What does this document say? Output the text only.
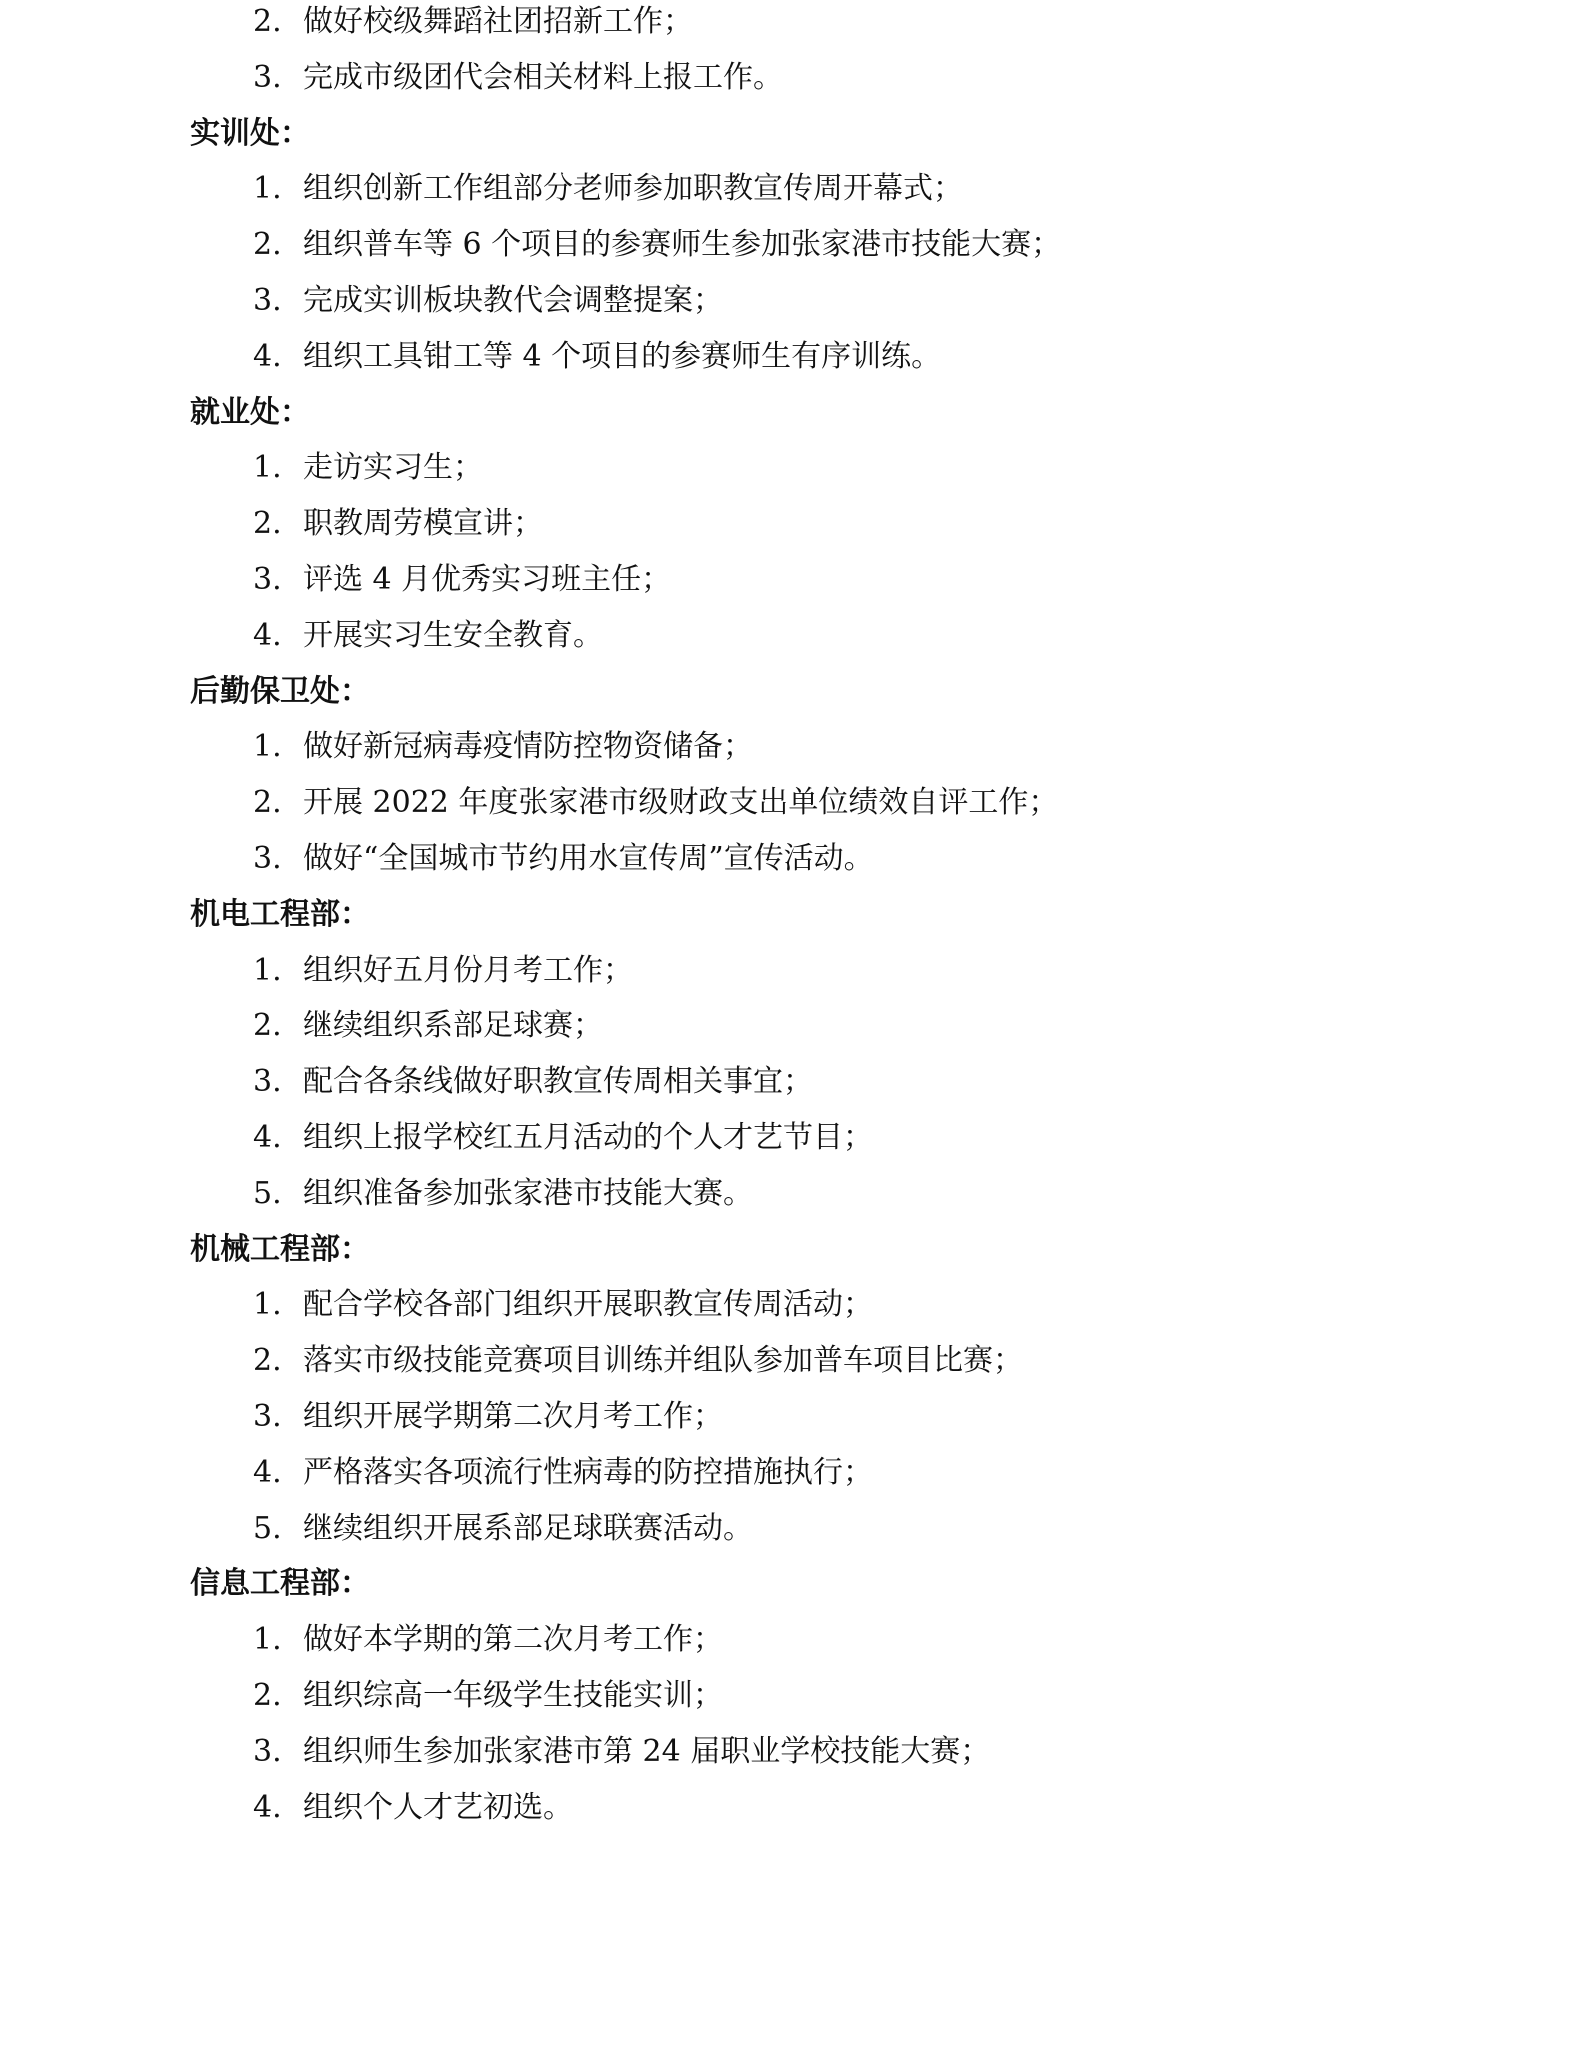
2. 做好校级舞蹈社团招新工作；
3. 完成市级团代会相关材料上报工作。
实训处：
1. 组织创新工作组部分老师参加职教宣传周开幕式；
2. 组织普车等 6 个项目的参赛师生参加张家港市技能大赛；
3. 完成实训板块教代会调整提案；
4. 组织工具钳工等 4 个项目的参赛师生有序训练。
就业处：
1. 走访实习生；
2. 职教周劳模宣讲；
3. 评选 4 月优秀实习班主任；
4. 开展实习生安全教育。
后勤保卫处：
1. 做好新冠病毒疫情防控物资储备；
2. 开展 2022 年度张家港市级财政支出单位绩效自评工作；
3. 做好“全国城市节约用水宣传周”宣传活动。
机电工程部：
1. 组织好五月份月考工作；
2. 继续组织系部足球赛；
3. 配合各条线做好职教宣传周相关事宜；
4. 组织上报学校红五月活动的个人才艺节目；
5. 组织准备参加张家港市技能大赛。
机械工程部：
1. 配合学校各部门组织开展职教宣传周活动；
2. 落实市级技能竞赛项目训练并组队参加普车项目比赛；
3. 组织开展学期第二次月考工作；
4. 严格落实各项流行性病毒的防控措施执行；
5. 继续组织开展系部足球联赛活动。
信息工程部：
1. 做好本学期的第二次月考工作；
2. 组织综高一年级学生技能实训；
3. 组织师生参加张家港市第 24 届职业学校技能大赛；
4. 组织个人才艺初选。
